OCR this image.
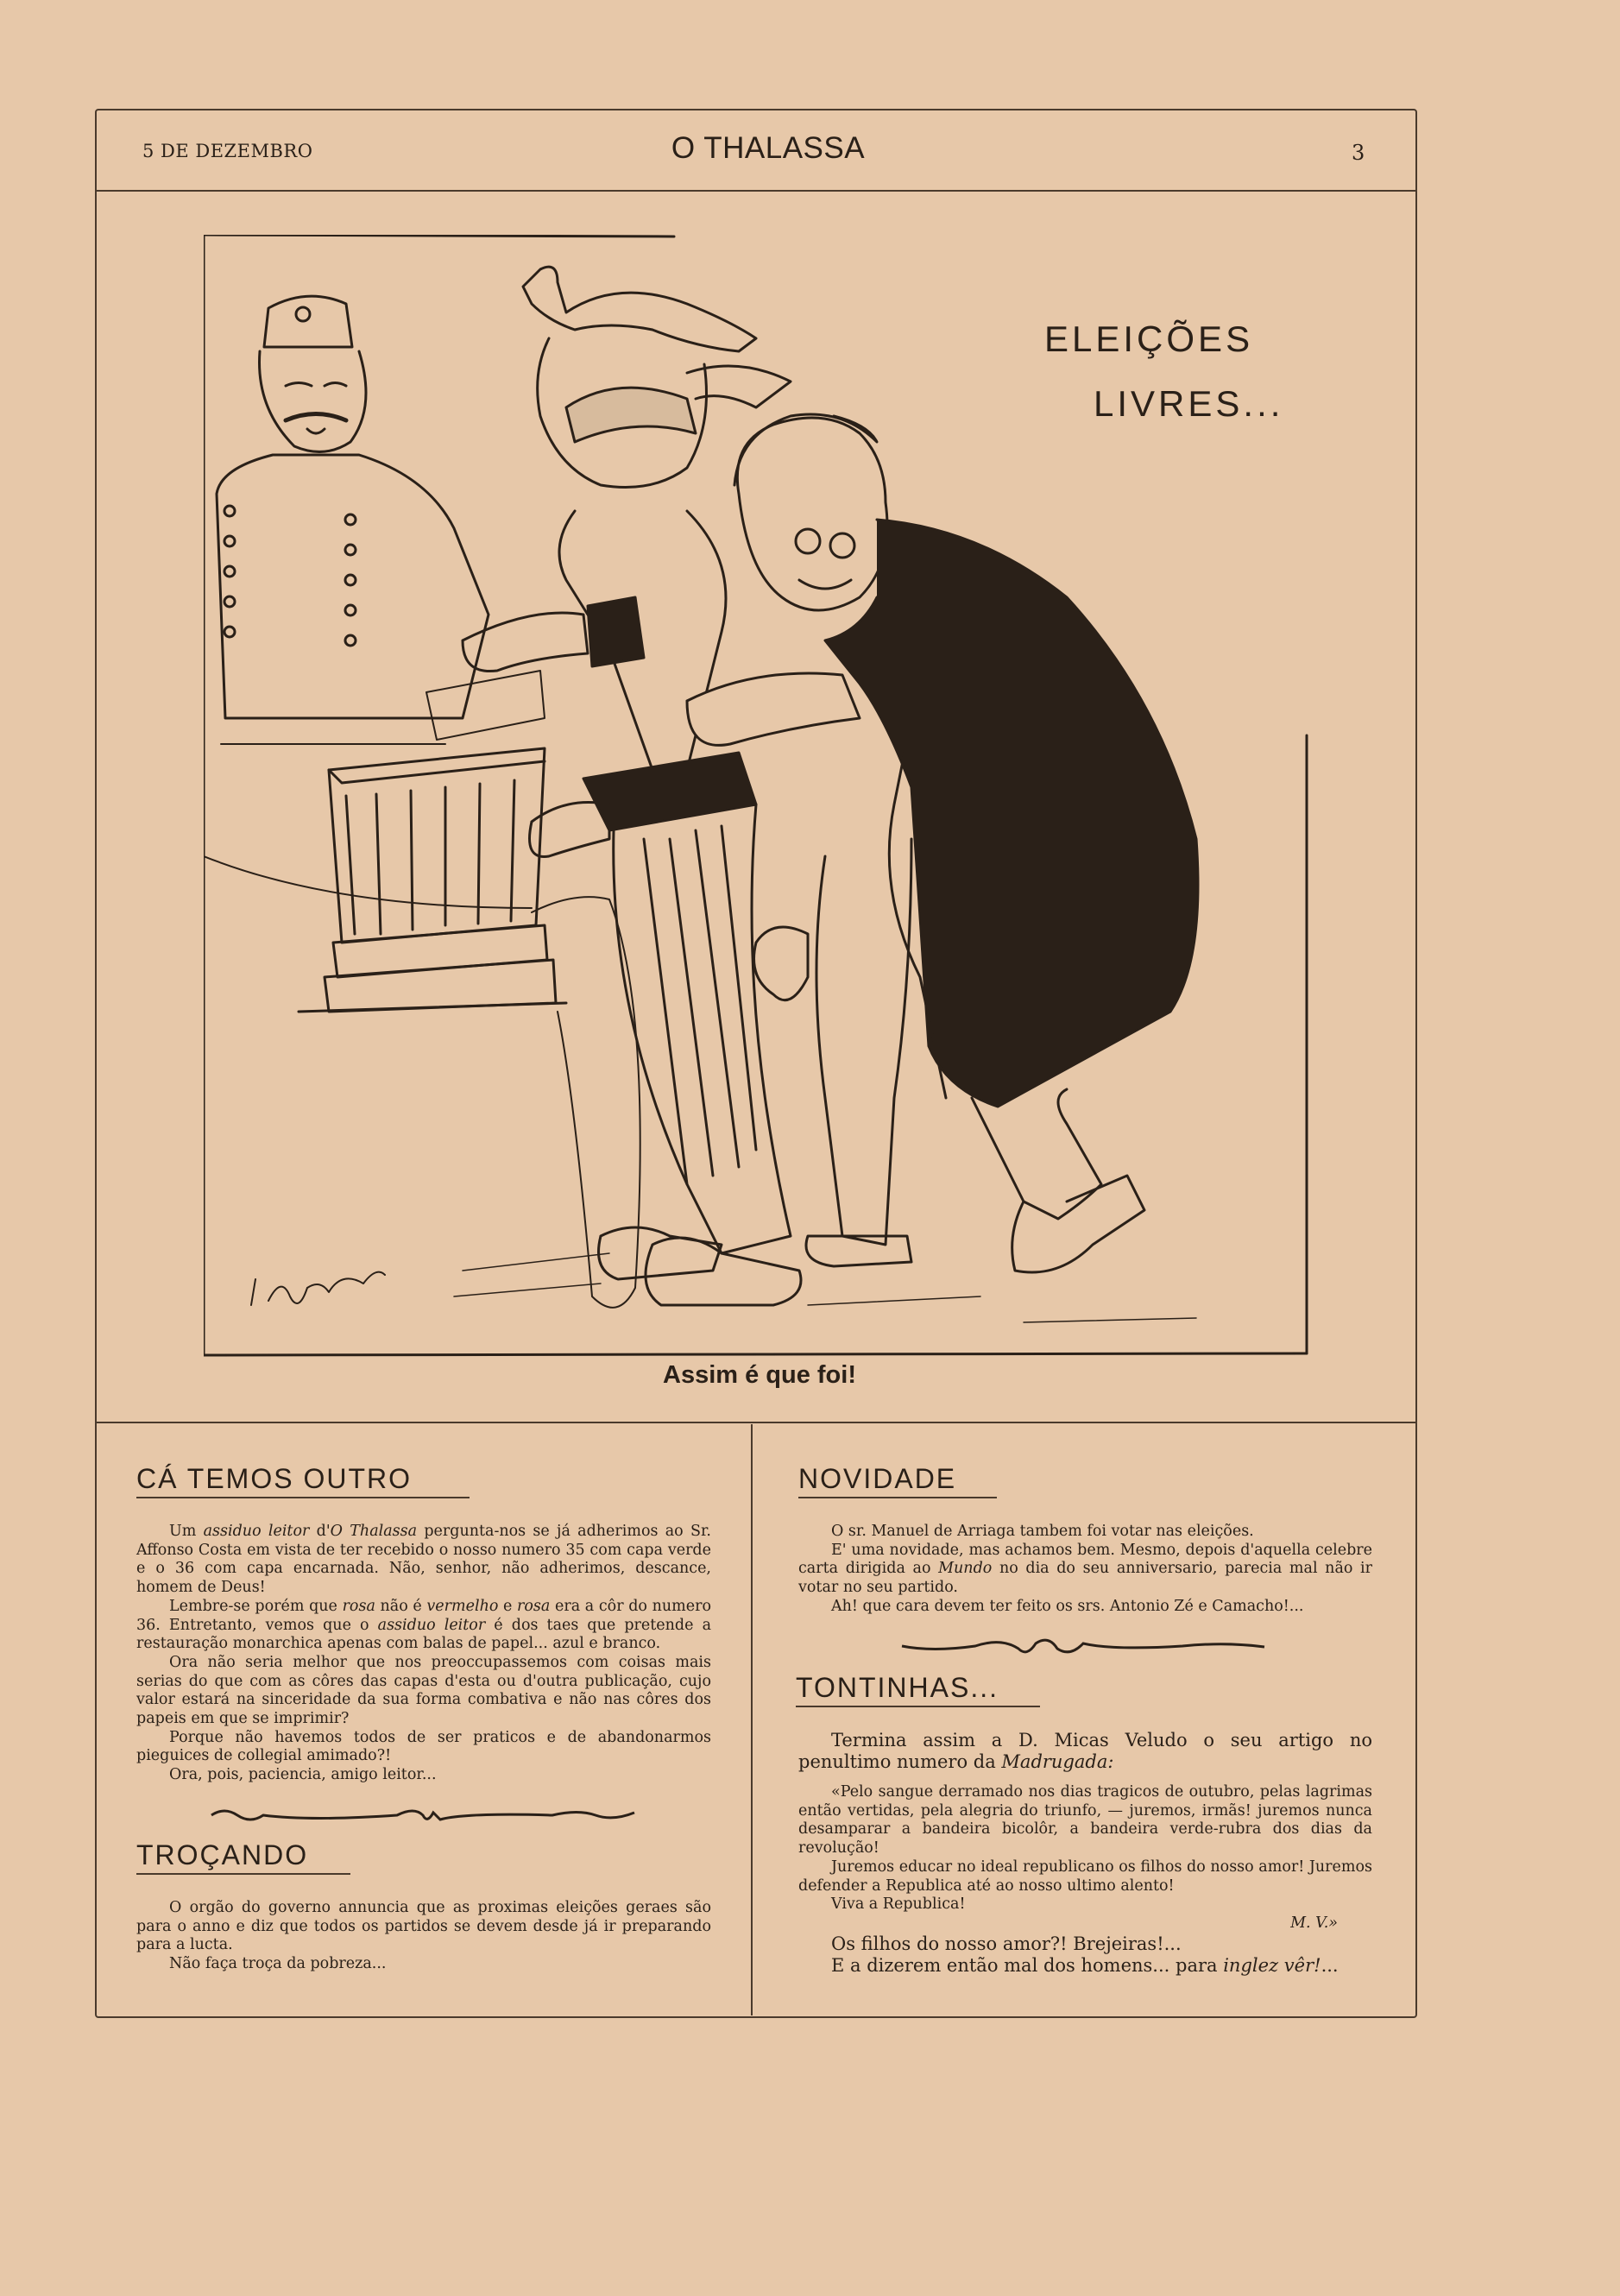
5 DE DEZEMBRO	O THALASSA	3
ELEIÇÕES
LIVRES...
Assim é que foi!
CÁ TEMOS OUTRO

Um assiduo leitor d'O Thalassa pergunta-nos se já adherimos ao Sr. Affonso Costa em vista de ter recebido o nosso numero 35 com capa verde e o 36 com capa encarnada. Não, senhor, não adherimos, descance, homem de Deus!

Lembre-se porém que rosa não é vermelho e rosa era a côr do numero 36. Entretanto, vemos que o assiduo leitor é dos taes que pretende a restauração monarchica apenas com balas de papel... azul e branco.

Ora não seria melhor que nos preoccupassemos com coisas mais serias do que com as côres das capas d'esta ou d'outra publicação, cujo valor estará na sinceridade da sua forma combativa e não nas côres dos papeis em que se imprimir?

Porque não havemos todos de ser praticos e de abandonarmos pieguices de collegial amimado?!

Ora, pois, paciencia, amigo leitor...

TROÇANDO

O orgão do governo annuncia que as proximas eleições geraes são para o anno e diz que todos os partidos se devem desde já ir preparando para a lucta.

Não faça troça da pobreza...

NOVIDADE

O sr. Manuel de Arriaga tambem foi votar nas eleições.

E' uma novidade, mas achamos bem. Mesmo, depois d'aquella celebre carta dirigida ao Mundo no dia do seu anniversario, parecia mal não ir votar no seu partido.

Ah! que cara devem ter feito os srs. Antonio Zé e Camacho!...

TONTINHAS...

Termina assim a D. Micas Veludo o seu artigo no penultimo numero da Madrugada:

«Pelo sangue derramado nos dias tragicos de outubro, pelas lagrimas então vertidas, pela alegria do triunfo, — juremos, irmãs! juremos nunca desamparar a bandeira bicolôr, a bandeira verde-rubra dos dias da revolução!

Juremos educar no ideal republicano os filhos do nosso amor! Juremos defender a Republica até ao nosso ultimo alento!

Viva a Republica!

M. V.»

Os filhos do nosso amor?! Brejeiras!...

E a dizerem então mal dos homens... para inglez vêr!...
